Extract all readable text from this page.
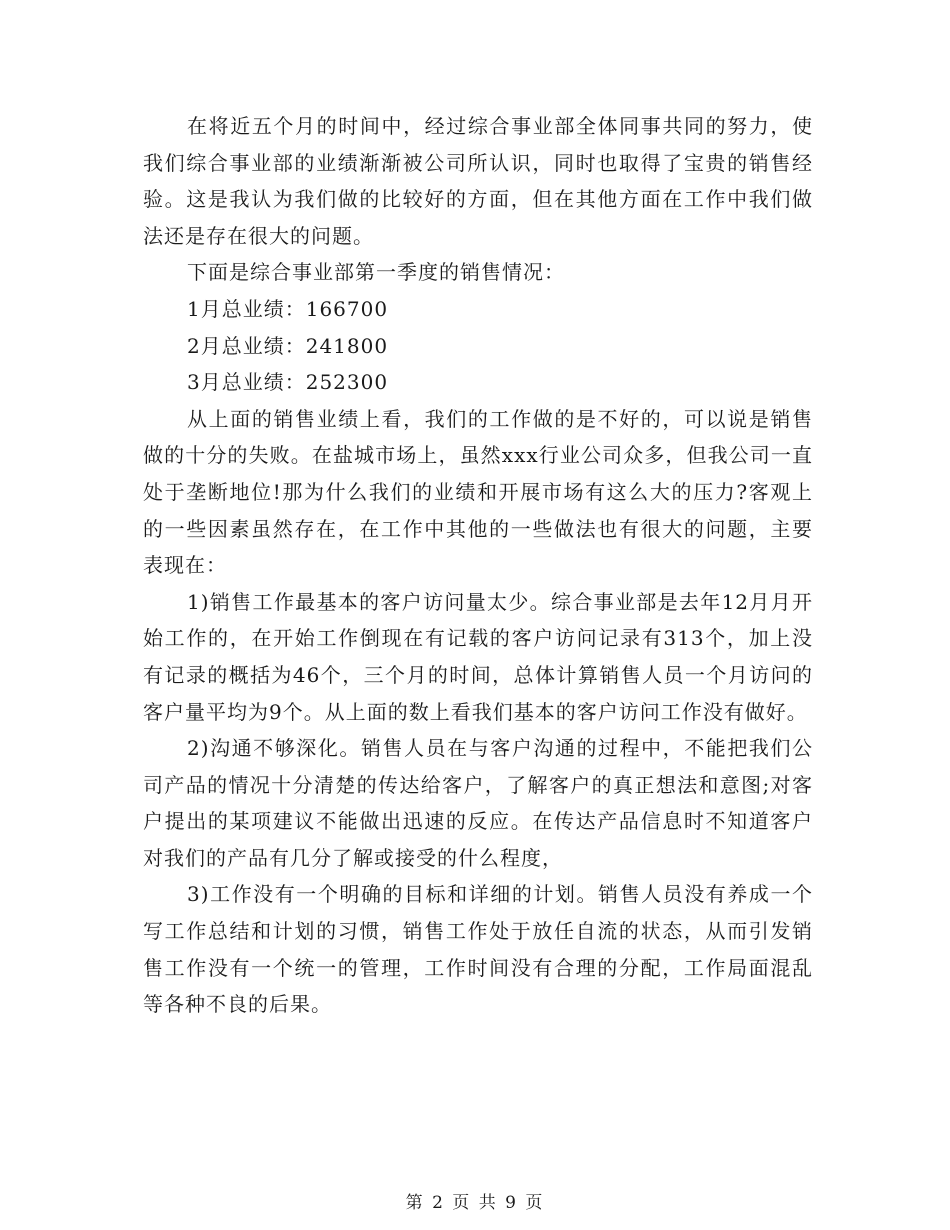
在将近五个月的时间中，经过综合事业部全体同事共同的努力，使我们综合事业部的业绩渐渐被公司所认识，同时也取得了宝贵的销售经验。这是我认为我们做的比较好的方面，但在其他方面在工作中我们做法还是存在很大的问题。

下面是综合事业部第一季度的销售情况：

1月总业绩：166700

2月总业绩：241800

3月总业绩：252300

从上面的销售业绩上看，我们的工作做的是不好的，可以说是销售做的十分的失败。在盐城市场上，虽然xxx行业公司众多，但我公司一直处于垄断地位!那为什么我们的业绩和开展市场有这么大的压力?客观上的一些因素虽然存在，在工作中其他的一些做法也有很大的问题，主要表现在：

1)销售工作最基本的客户访问量太少。综合事业部是去年12月月开始工作的，在开始工作倒现在有记载的客户访问记录有313个，加上没有记录的概括为46个，三个月的时间，总体计算销售人员一个月访问的客户量平均为9个。从上面的数上看我们基本的客户访问工作没有做好。

2)沟通不够深化。销售人员在与客户沟通的过程中，不能把我们公司产品的情况十分清楚的传达给客户，了解客户的真正想法和意图;对客户提出的某项建议不能做出迅速的反应。在传达产品信息时不知道客户对我们的产品有几分了解或接受的什么程度，

3)工作没有一个明确的目标和详细的计划。销售人员没有养成一个写工作总结和计划的习惯，销售工作处于放任自流的状态，从而引发销售工作没有一个统一的管理，工作时间没有合理的分配，工作局面混乱等各种不良的后果。

第 2 页 共 9 页
